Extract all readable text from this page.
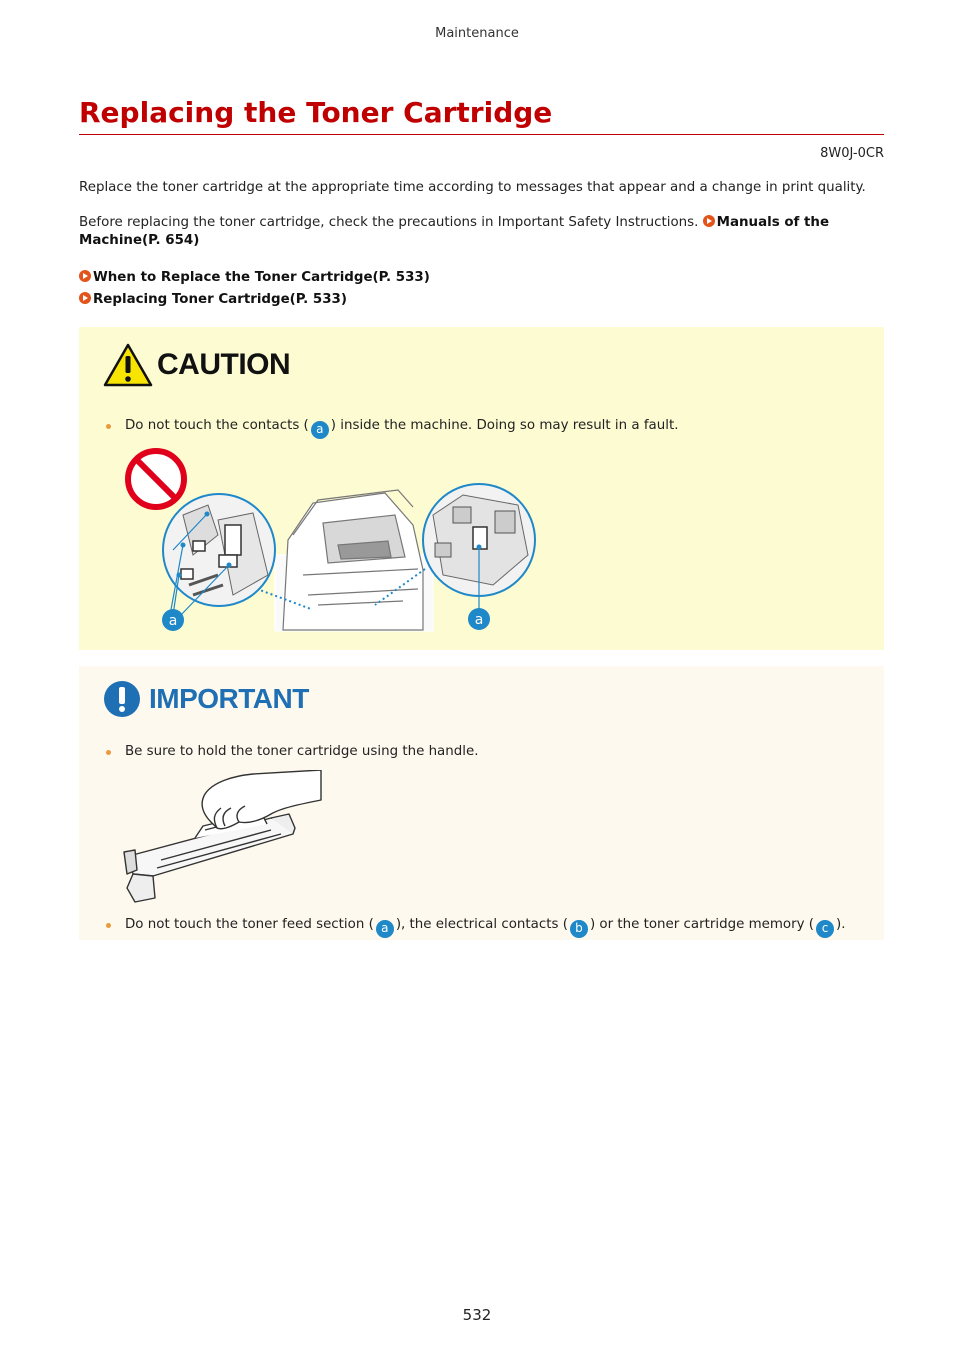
Maintenance
Replacing the Toner Cartridge
8W0J-0CR

Replace the toner cartridge at the appropriate time according to messages that appear and a change in print quality.

Before replacing the toner cartridge, check the precautions in Important Safety Instructions. Manuals of the Machine(P. 654)

When to Replace the Toner Cartridge(P. 533)
Replacing Toner Cartridge(P. 533)
CAUTION
Do not touch the contacts ( a ) inside the machine. Doing so may result in a fault.
a	a
IMPORTANT
Be sure to hold the toner cartridge using the handle.
Do not touch the toner feed section ( a ), the electrical contacts ( b ) or the toner cartridge memory ( c ).
532
